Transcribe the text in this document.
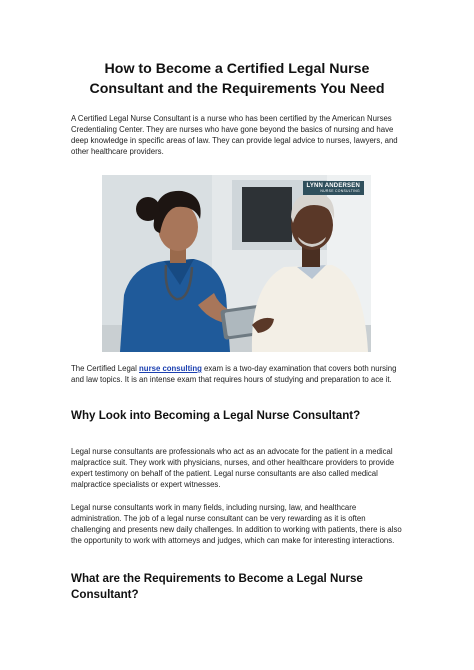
How to Become a Certified Legal Nurse
Consultant and the Requirements You Need

A Certified Legal Nurse Consultant is a nurse who has been certified by the American Nurses Credentialing Center. They are nurses who have gone beyond the basics of nursing and have deep knowledge in specific areas of law. They can provide legal advice to nurses, lawyers, and other healthcare providers.

LYNN ANDERSEN
NURSE CONSULTING

The Certified Legal nurse consulting exam is a two-day examination that covers both nursing and law topics. It is an intense exam that requires hours of studying and preparation to ace it.

Why Look into Becoming a Legal Nurse Consultant?

Legal nurse consultants are professionals who act as an advocate for the patient in a medical malpractice suit. They work with physicians, nurses, and other healthcare providers to provide expert testimony on behalf of the patient. Legal nurse consultants are also called medical malpractice specialists or expert witnesses.

Legal nurse consultants work in many fields, including nursing, law, and healthcare administration. The job of a legal nurse consultant can be very rewarding as it is often challenging and presents new daily challenges. In addition to working with patients, there is also the opportunity to work with attorneys and judges, which can make for interesting interactions.

What are the Requirements to Become a Legal Nurse Consultant?
